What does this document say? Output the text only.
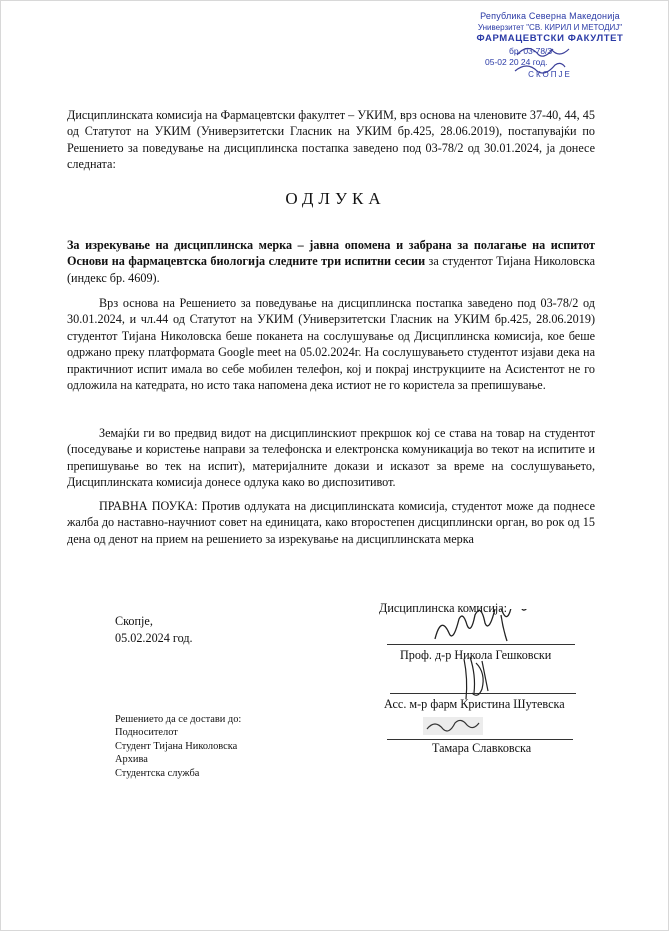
Република Северна Македонија
Универзитет "СВ. КИРИЛ И МЕТОДИЈ"
ФАРМАЦЕВТСКИ ФАКУЛТЕТ
бр. 03-78/3
05-02 20 24 год.
СКОПЈЕ
Дисциплинската комисија на Фармацевтски факултет – УКИМ, врз основа на членовите 37-40, 44, 45 од Статутот на УКИМ (Универзитетски Гласник на УКИМ бр.425, 28.06.2019), постапувајќи по Решението за поведување на дисциплинска постапка заведено под 03-78/2 од 30.01.2024, ја донесе следната:
ОДЛУКА
За изрекување на дисциплинска мерка – јавна опомена и забрана за полагање на испитот Основи на фармацевтска биологија следните три испитни сесии за студентот Тијана Николовска (индекс бр. 4609).
Врз основа на Решението за поведување на дисциплинска постапка заведено под 03-78/2 од 30.01.2024, и чл.44 од Статутот на УКИМ (Универзитетски Гласник на УКИМ бр.425, 28.06.2019) студентот Тијана Николовска беше поканета на сослушување од Дисциплинска комисија, кое беше одржано преку платформата Google meet на 05.02.2024г. На сослушувањето студентот изјави дека на практичниот испит имала во себе мобилен телефон, кој и покрај инструкциите на Асистентот не го одложила на катедрата, но исто така напомена дека истиот не го користела за препишување.
Земајќи ги во предвид видот на дисциплинскиот прекршок кој се става на товар на студентот (поседување и користење направи за телефонска и електронска комуникација во текот на испитите и препишување во тек на испит), материјалните докази и исказот за време на сослушувањето, Дисциплинската комисија донесе одлука како во диспозитивот.
ПРАВНА ПОУКА: Против одлуката на дисциплинската комисија, студентот може да поднесе жалба до наставно-научниот совет на единицата, како второстепен дисциплински орган, во рок од 15 дена од денот на прием на решението за изрекување на дисциплинската мерка
Скопје,
05.02.2024 год.
Дисциплинска комисија:
Проф. д-р Никола Гешковски
Асс. м-р фарм Кристина Шутевска
Тамара Славковска
Решението да се достави до:
Подносителот
Студент Тијана Николовска
Архива
Студентска служба
